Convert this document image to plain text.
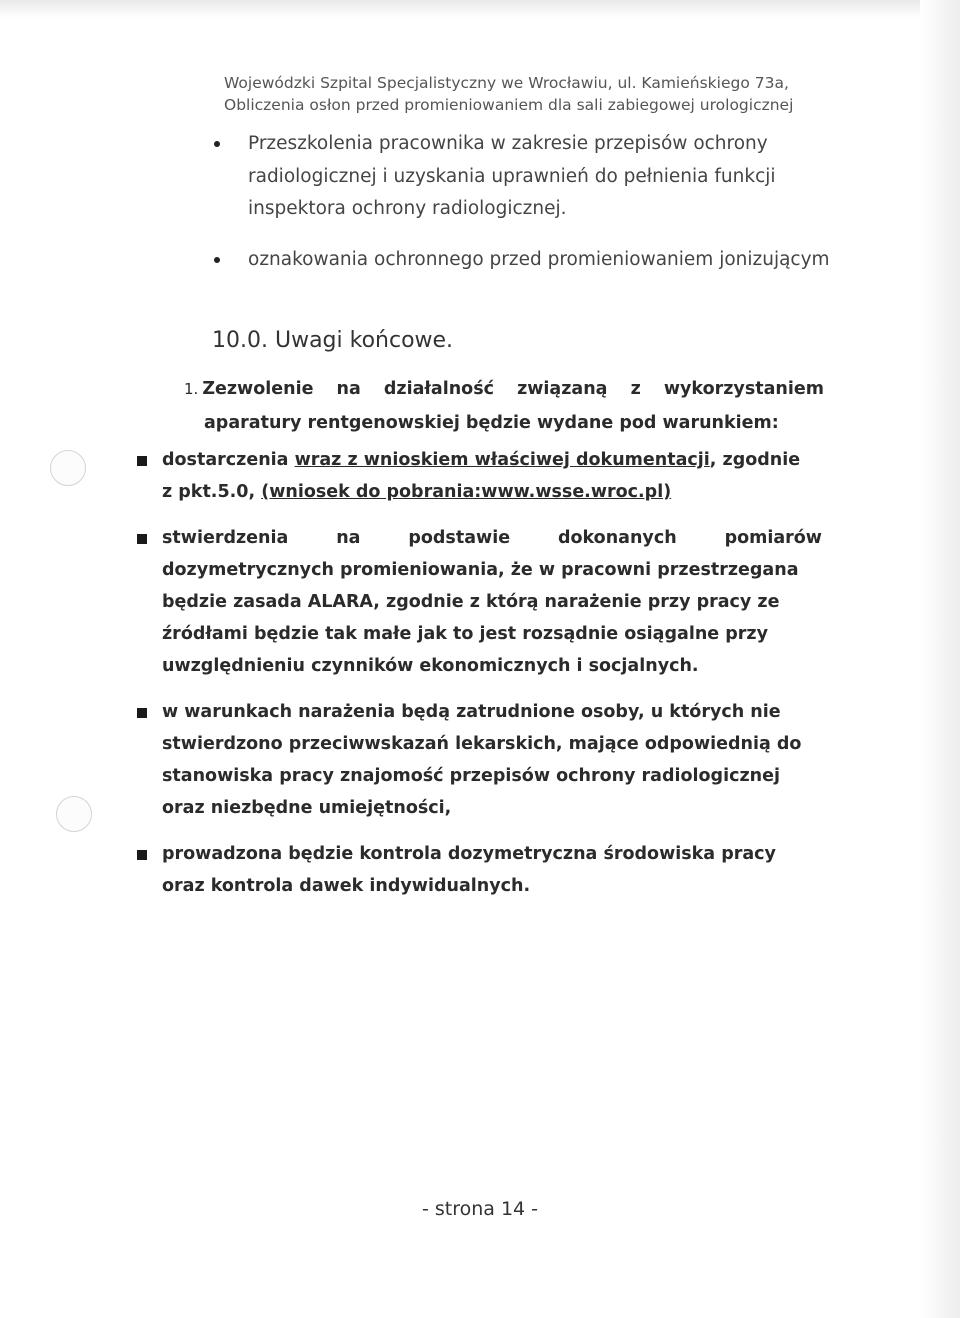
Wojewódzki Szpital Specjalistyczny we Wrocławiu, ul. Kamieńskiego 73a,
Obliczenia osłon przed promieniowaniem dla sali zabiegowej urologicznej

Przeszkolenia pracownika w zakresie przepisów ochrony

radiologicznej i uzyskania uprawnień do pełnienia funkcji

inspektora ochrony radiologicznej.

oznakowania ochronnego przed promieniowaniem jonizującym
10.0. Uwagi końcowe.
1. Zezwolenie na działalność związaną z wykorzystaniem
aparatury rentgenowskiej będzie wydane pod warunkiem:
dostarczenia wraz z wnioskiem właściwej dokumentacji, zgodnie
z pkt.5.0, (wniosek do pobrania:www.wsse.wroc.pl)
stwierdzenia	na	podstawie	dokonanych	pomiarów
dozymetrycznych promieniowania, że w pracowni przestrzegana
będzie zasada ALARA, zgodnie z którą narażenie przy pracy ze
źródłami będzie tak małe jak to jest rozsądnie osiągalne przy
uwzględnieniu czynników ekonomicznych i socjalnych.
w warunkach narażenia będą zatrudnione osoby, u których nie
stwierdzono przeciwwskazań lekarskich, mające odpowiednią do
stanowiska pracy znajomość przepisów ochrony radiologicznej
oraz niezbędne umiejętności,
prowadzona będzie kontrola dozymetryczna środowiska pracy
oraz kontrola dawek indywidualnych.
- strona 14 -
